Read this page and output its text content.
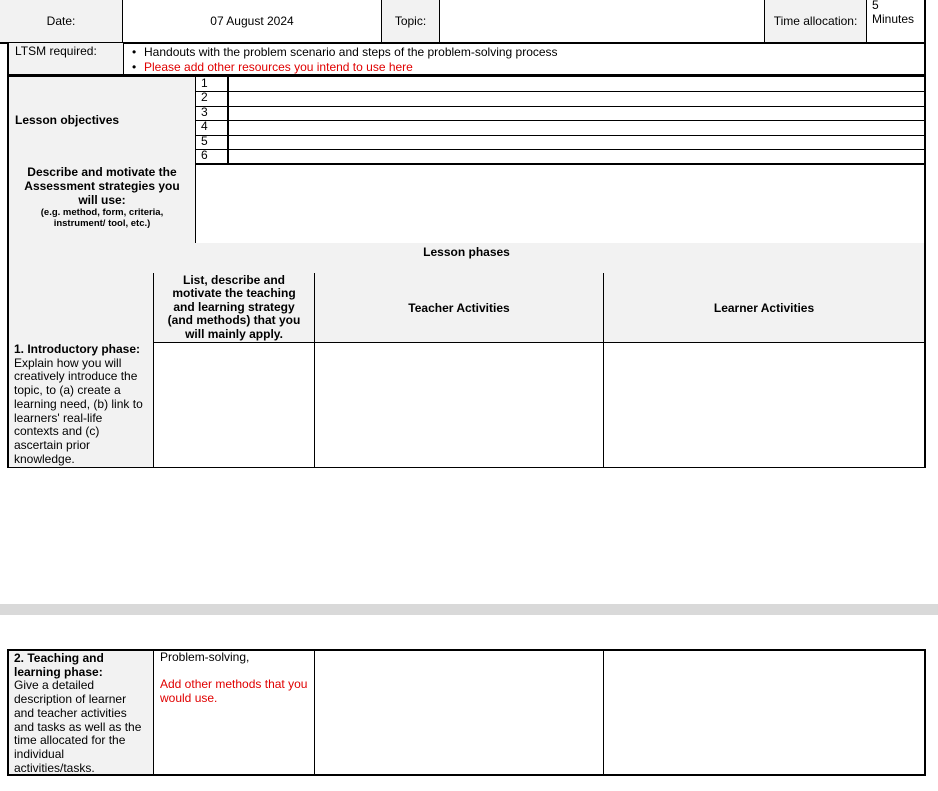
Date:	07 August 2024	Topic:	Time allocation:
5
Minutes
LTSM required:
•	Handouts with the problem scenario and steps of the problem-solving process
• Please add other resources you intend to use here
Lesson objectives
1
2
3
4
5
6
Describe and motivate the
Assessment strategies you
will use:
(e.g. method, form, criteria,
instrument/ tool, etc.)
Lesson phases
List, describe and motivate the teaching and learning strategy (and methods) that you will mainly apply.
Teacher Activities	Learner Activities
1. Introductory phase:
Explain how you will creatively introduce the topic, to (a) create a learning need, (b) link to learners' real-life contexts and (c) ascertain prior knowledge.
2. Teaching and learning phase:
Give a detailed description of learner and teacher activities and tasks as well as the time allocated for the individual activities/tasks.
Problem-solving,
Add other methods that you would use.
